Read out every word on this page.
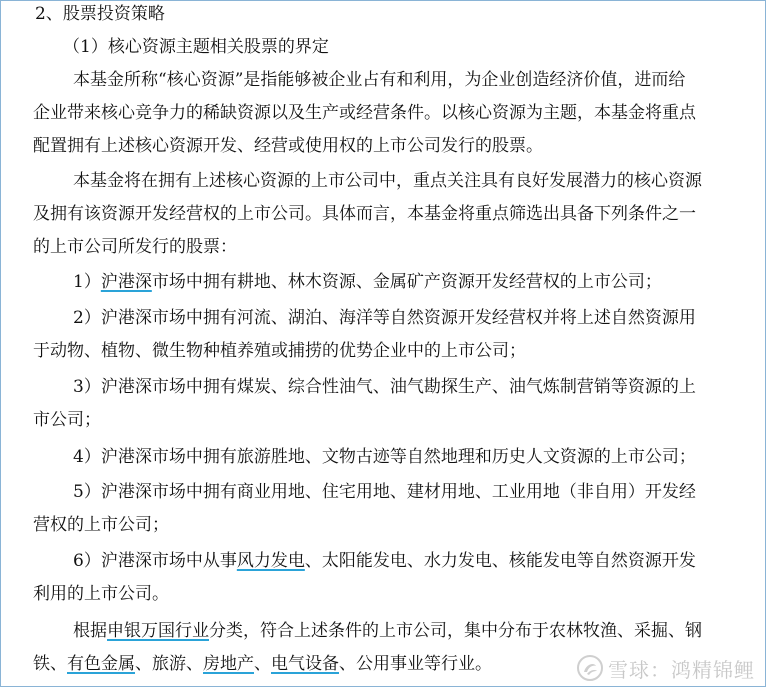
2、股票投资策略
（1）核心资源主题相关股票的界定
本基金所称“核心资源”是指能够被企业占有和利用，为企业创造经济价值，进而给
企业带来核心竞争力的稀缺资源以及生产或经营条件。以核心资源为主题，本基金将重点
配置拥有上述核心资源开发、经营或使用权的上市公司发行的股票。
本基金将在拥有上述核心资源的上市公司中，重点关注具有良好发展潜力的核心资源
及拥有该资源开发经营权的上市公司。具体而言，本基金将重点筛选出具备下列条件之一
的上市公司所发行的股票：
1）沪港深市场中拥有耕地、林木资源、金属矿产资源开发经营权的上市公司；
2）沪港深市场中拥有河流、湖泊、海洋等自然资源开发经营权并将上述自然资源用
于动物、植物、微生物种植养殖或捕捞的优势企业中的上市公司；
3）沪港深市场中拥有煤炭、综合性油气、油气勘探生产、油气炼制营销等资源的上
市公司；
4）沪港深市场中拥有旅游胜地、文物古迹等自然地理和历史人文资源的上市公司；
5）沪港深市场中拥有商业用地、住宅用地、建材用地、工业用地（非自用）开发经
营权的上市公司；
6）沪港深市场中从事风力发电、太阳能发电、水力发电、核能发电等自然资源开发
利用的上市公司。
根据申银万国行业分类，符合上述条件的上市公司，集中分布于农林牧渔、采掘、钢
铁、有色金属、旅游、房地产、电气设备、公用事业等行业。	雪球：鸿精锦鲤
